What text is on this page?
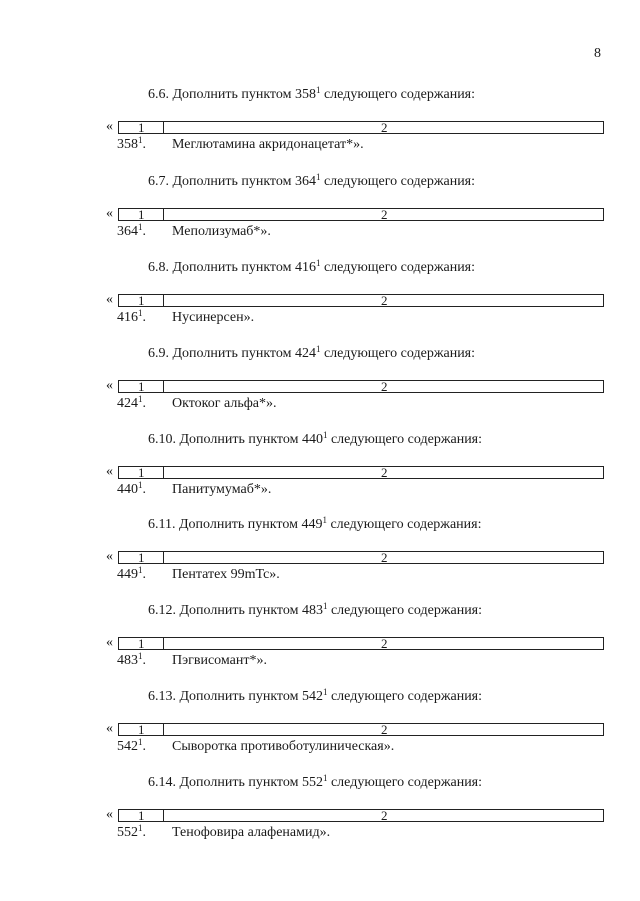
8
6.6. Дополнить пунктом $358^1$ следующего содержания:
« 1	2
$358^1$. Меглютамина акридонацетат*».
6.7. Дополнить пунктом $364^1$ следующего содержания:
« 1	2
$364^1$. Меполизумаб*».
6.8. Дополнить пунктом $416^1$ следующего содержания:
« 1	2
$416^1$. Нусинерсен».
6.9. Дополнить пунктом $424^1$ следующего содержания:
« 1	2
$424^1$. Октоког альфа*».
6.10. Дополнить пунктом $440^1$ следующего содержания:
« 1	2
$440^1$. Панитумумаб*».
6.11. Дополнить пунктом $449^1$ следующего содержания:
« 1	2
$449^1$. Пентатех 99mTc».
6.12. Дополнить пунктом $483^1$ следующего содержания:
« 1	2
$483^1$. Пэгвисомант*».
6.13. Дополнить пунктом $542^1$ следующего содержания:
« 1	2
$542^1$. Сыворотка противоботулиническая».
6.14. Дополнить пунктом $552^1$ следующего содержания:
« 1	2
$552^1$. Тенофовира алафенамид».
